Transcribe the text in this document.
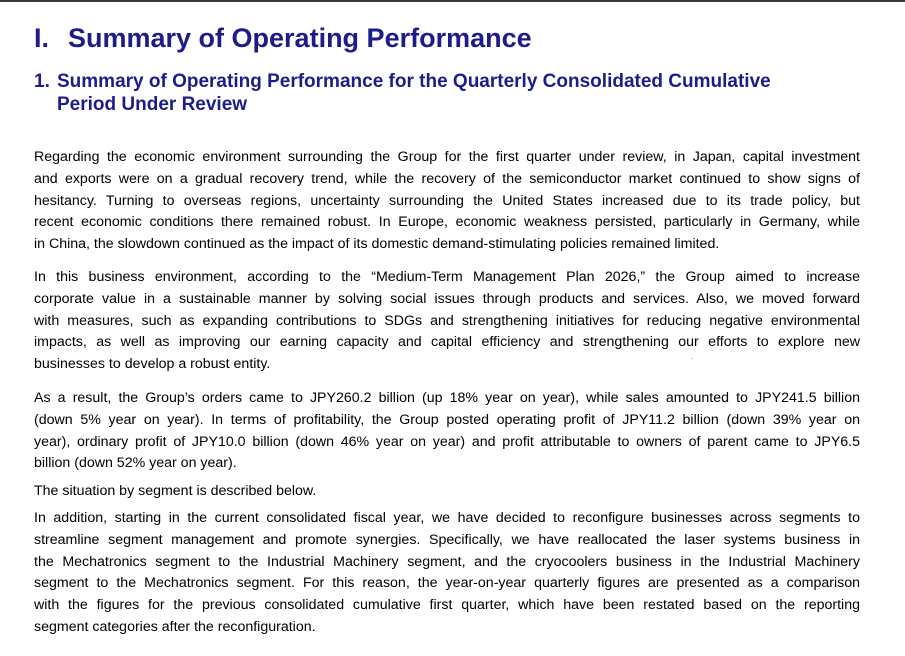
I. Summary of Operating Performance
1. Summary of Operating Performance for the Quarterly Consolidated Cumulative
Period Under Review
Regarding the economic environment surrounding the Group for the first quarter under review, in Japan, capital investment
and exports were on a gradual recovery trend, while the recovery of the semiconductor market continued to show signs of
hesitancy. Turning to overseas regions, uncertainty surrounding the United States increased due to its trade policy, but
recent economic conditions there remained robust. In Europe, economic weakness persisted, particularly in Germany, while
in China, the slowdown continued as the impact of its domestic demand-stimulating policies remained limited.
In this business environment, according to the “Medium-Term Management Plan 2026,” the Group aimed to increase
corporate value in a sustainable manner by solving social issues through products and services. Also, we moved forward
with measures, such as expanding contributions to SDGs and strengthening initiatives for reducing negative environmental
impacts, as well as improving our earning capacity and capital efficiency and strengthening our efforts to explore new
businesses to develop a robust entity.
As a result, the Group’s orders came to JPY260.2 billion (up 18% year on year), while sales amounted to JPY241.5 billion
(down 5% year on year). In terms of profitability, the Group posted operating profit of JPY11.2 billion (down 39% year on
year), ordinary profit of JPY10.0 billion (down 46% year on year) and profit attributable to owners of parent came to JPY6.5
billion (down 52% year on year).
The situation by segment is described below.
In addition, starting in the current consolidated fiscal year, we have decided to reconfigure businesses across segments to
streamline segment management and promote synergies. Specifically, we have reallocated the laser systems business in
the Mechatronics segment to the Industrial Machinery segment, and the cryocoolers business in the Industrial Machinery
segment to the Mechatronics segment. For this reason, the year-on-year quarterly figures are presented as a comparison
with the figures for the previous consolidated cumulative first quarter, which have been restated based on the reporting
segment categories after the reconfiguration.
